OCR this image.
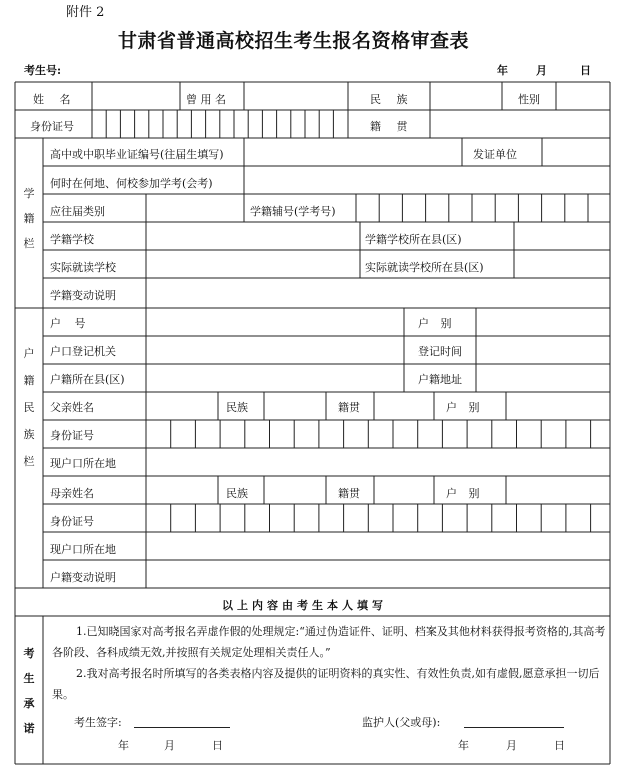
附件 2
甘肃省普通高校招生考生报名资格审查表
考生号:	年	月	日
姓 名	曾 用 名	民 族	性别
身份证号	籍 贯
学
籍
栏
高中或中职毕业证编号(往届生填写)	发证单位
何时在何地、何校参加学考(会考)
应往届类别	学籍辅号(学考号)
学籍学校	学籍学校所在县(区)
实际就读学校	实际就读学校所在县(区)
学籍变动说明
户
籍
民
族
栏
户 号	户 别
户口登记机关	登记时间
户籍所在县(区)	户籍地址
父亲姓名	民族	籍贯	户 别
身份证号
现户口所在地
母亲姓名	民族	籍贯	户 别
身份证号
现户口所在地
户籍变动说明
以上内容由考生本人填写
考
生
承
诺
1.已知晓国家对高考报名弄虚作假的处理规定:“通过伪造证件、证明、档案及其他材料获得报考资格的,其高考各阶段、各科成绩无效,并按照有关规定处理相关责任人。”
2.我对高考报名时所填写的各类表格内容及提供的证明资料的真实性、有效性负责,如有虚假,愿意承担一切后果。
考生签字:	监护人(父或母):
年	月	日	年	月	日
